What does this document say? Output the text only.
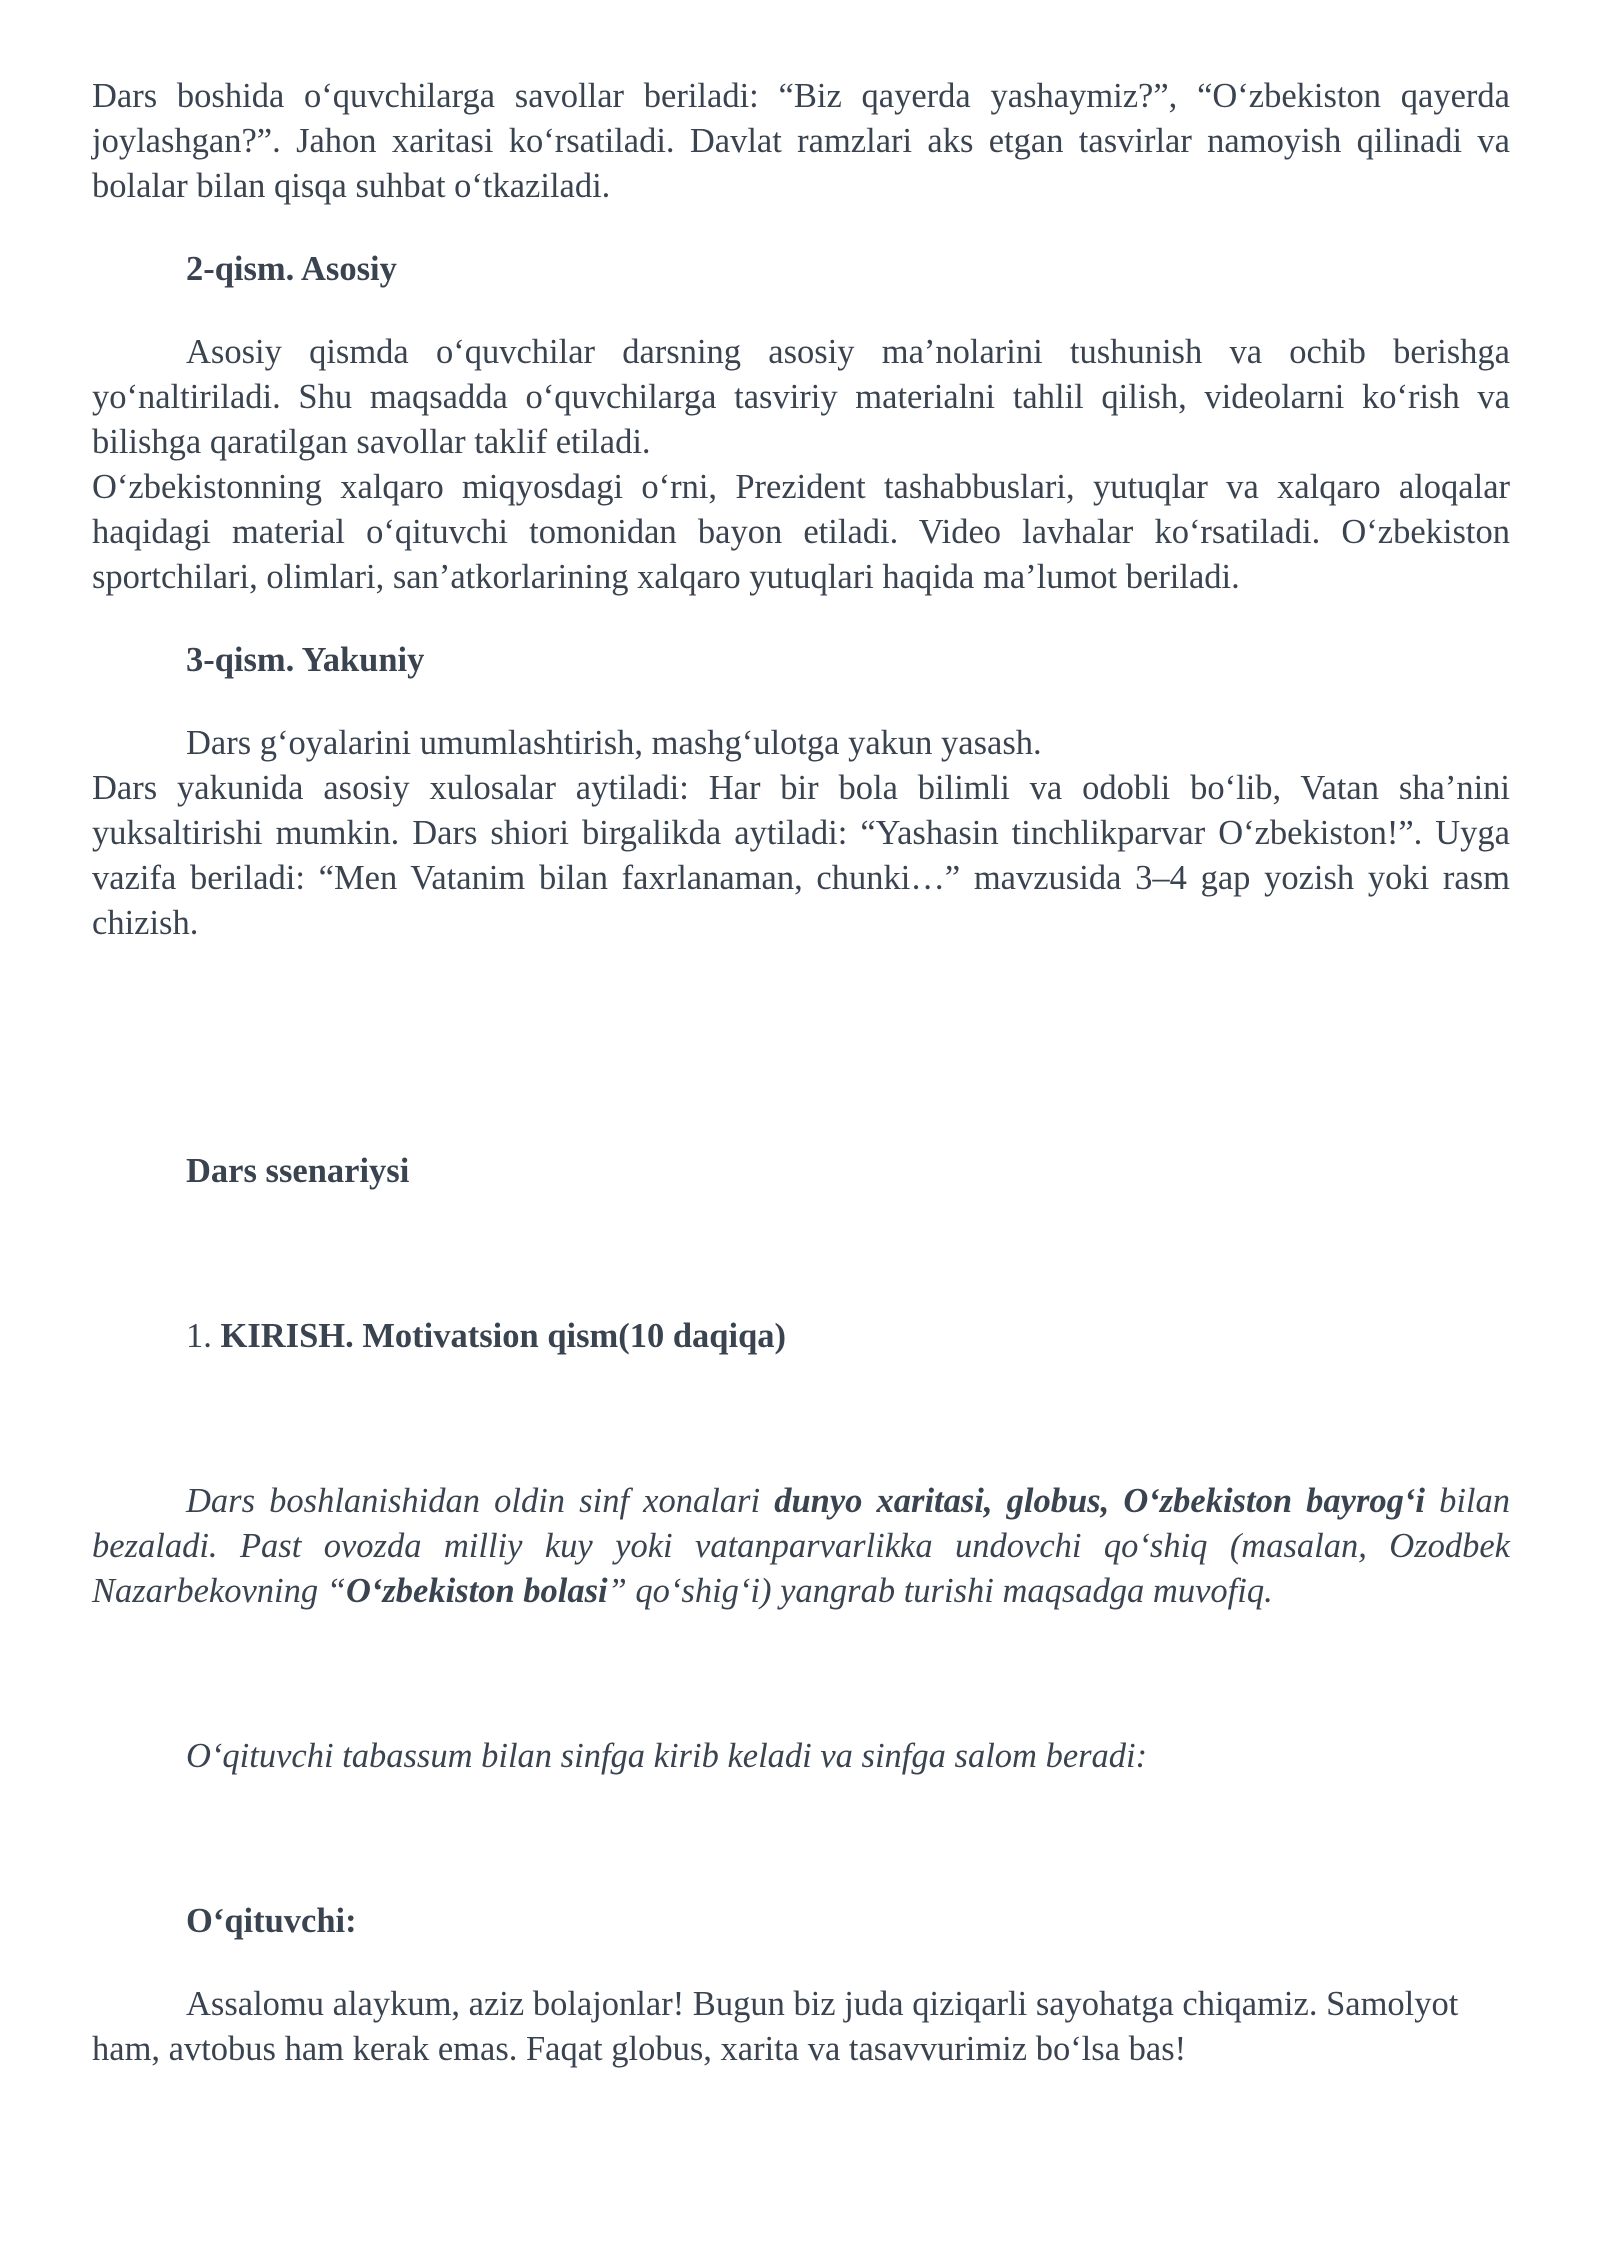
Dars boshida o‘quvchilarga savollar beriladi: “Biz qayerda yashaymiz?”, “O‘zbekiston qayerda joylashgan?”. Jahon xaritasi ko‘rsatiladi. Davlat ramzlari aks etgan tasvirlar namoyish qilinadi va bolalar bilan qisqa suhbat o‘tkaziladi.

2-qism. Asosiy

Asosiy qismda o‘quvchilar darsning asosiy ma’nolarini tushunish va ochib berishga yo‘naltiriladi. Shu maqsadda o‘quvchilarga tasviriy materialni tahlil qilish, videolarni ko‘rish va bilishga qaratilgan savollar taklif etiladi.

O‘zbekistonning xalqaro miqyosdagi o‘rni, Prezident tashabbuslari, yutuqlar va xalqaro aloqalar haqidagi material o‘qituvchi tomonidan bayon etiladi. Video lavhalar ko‘rsatiladi. O‘zbekiston sportchilari, olimlari, san’atkorlarining xalqaro yutuqlari haqida ma’lumot beriladi.

3-qism. Yakuniy

Dars g‘oyalarini umumlashtirish, mashg‘ulotga yakun yasash.

Dars yakunida asosiy xulosalar aytiladi: Har bir bola bilimli va odobli bo‘lib, Vatan sha’nini yuksaltirishi mumkin. Dars shiori birgalikda aytiladi: “Yashasin tinchlikparvar O‘zbekiston!”. Uyga vazifa beriladi: “Men Vatanim bilan faxrlanaman, chunki…” mavzusida 3–4 gap yozish yoki rasm chizish.

Dars ssenariysi

1. KIRISH. Motivatsion qism(10 daqiqa)

Dars boshlanishidan oldin sinf xonalari dunyo xaritasi, globus, O‘zbekiston bayrog‘i bilan bezaladi. Past ovozda milliy kuy yoki vatanparvarlikka undovchi qo‘shiq (masalan, Ozodbek Nazarbekovning “O‘zbekiston bolasi” qo‘shig‘i) yangrab turishi maqsadga muvofiq.

O‘qituvchi tabassum bilan sinfga kirib keladi va sinfga salom beradi:

O‘qituvchi:

Assalomu alaykum, aziz bolajonlar! Bugun biz juda qiziqarli sayohatga chiqamiz. Samolyot ham, avtobus ham kerak emas. Faqat globus, xarita va tasavvurimiz bo‘lsa bas!
